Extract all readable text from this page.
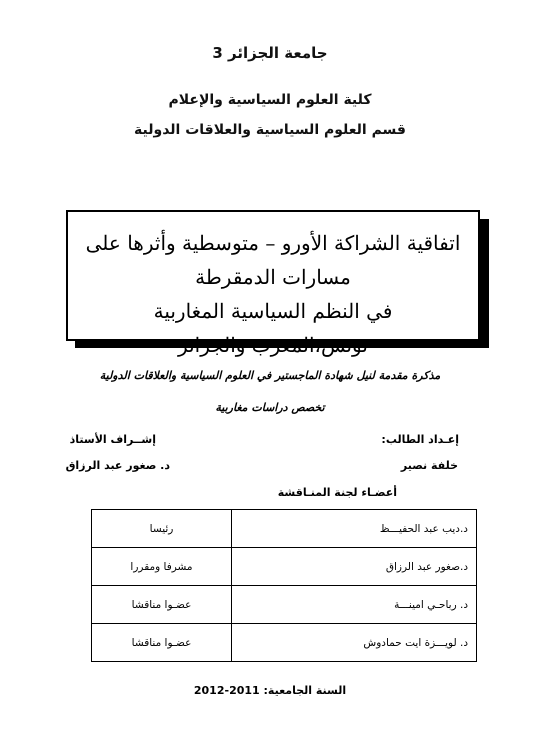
جامعة الجزائر 3
كلية العلوم السياسية والإعلام
قسم العلوم السياسية والعلاقات الدولية
اتفاقية الشراكة الأورو – متوسطية وأثرها على مسارات الدمقرطة
في النظم السياسية المغاربية
تونس،المغرب والجزائر
مذكرة مقدمة لنيل شهادة الماجستير في العلوم السياسية والعلاقات الدولية
تخصص دراسات مغاربية
إعـداد الطالب:
خلفة نصير
إشــراف الأستاذ
د. صغور عبد الرزاق
أعضـاء لجنة المنـاقشة
د.ديب عبد الحفيـــظ	رئيسا
د.صغور عبد الرزاق	مشرفا ومقررا
د. رباحـي امينـــة	عضـوا مناقشا
د. لويـــزة ايت حمادوش	عضـوا مناقشا
السنة الجامعية: 2011-2012
